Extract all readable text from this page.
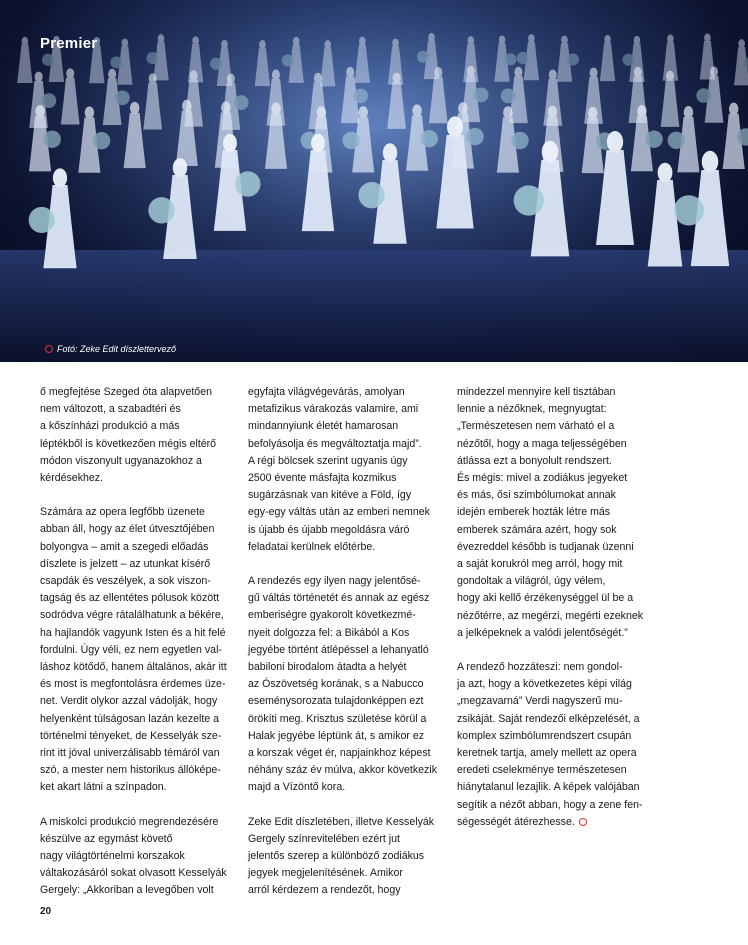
Premier
Fotó: Zeke Edit díszlettervező

ő megfejtése Szeged óta alapvetően
nem változott, a szabadtéri és
a kőszínházi produkció a más
léptékből is következően mégis eltérő
módon viszonyult ugyanazokhoz a
kérdésekhez.

Számára az opera legfőbb üzenete
abban áll, hogy az élet útvesztőjében
bolyongva – amit a szegedi előadás
díszlete is jelzett – az utunkat kísérő
csapdák és veszélyek, a sok viszon-
tagság és az ellentétes pólusok között
sodródva végre rátalálhatunk a békére,
ha hajlandók vagyunk Isten és a hit felé
fordulni. Úgy véli, ez nem egyetlen val-
láshoz kötődő, hanem általános, akár itt
és most is megfontolásra érdemes üze-
net. Verdit olykor azzal vádolják, hogy
helyenként túlságosan lazán kezelte a
történelmi tényeket, de Kesselyák sze-
rint itt jóval univerzálisabb témáról van
szó, a mester nem historikus állóképe-
ket akart látni a színpadon.

A miskolci produkció megrendezésére
készülve az egymást követő
nagy világtörténelmi korszakok
váltakozásáról sokat olvasott Kesselyák
Gergely: „Akkoriban a levegőben volt

egyfajta világvégevárás, amolyan
metafizikus várakozás valamire, ami
mindannyiunk életét hamarosan
befolyásolja és megváltoztatja majd”.
A régi bölcsek szerint ugyanis úgy
2500 évente másfajta kozmikus
sugárzásnak van kitéve a Föld, így
egy-egy váltás után az emberi nemnek
is újabb és újabb megoldásra váró
feladatai kerülnek előtérbe.

A rendezés egy ilyen nagy jelentősé-
gű váltás történetét és annak az egész
emberiségre gyakorolt következmé-
nyeit dolgozza fel: a Bikából a Kos
jegyébe történt átlépéssel a lehanyatló
babiloni birodalom átadta a helyét
az Ószövetség korának, s a Nabucco
eseménysorozata tulajdonképpen ezt
örökíti meg. Krisztus születése körül a
Halak jegyébe léptünk át, s amikor ez
a korszak véget ér, napjainkhoz képest
néhány száz év múlva, akkor következik
majd a Vízöntő kora.

Zeke Edit díszletében, illetve Kesselyák
Gergely színrevitelében ezért jut
jelentős szerep a különböző zodiákus
jegyek megjelenítésének. Amikor
arról kérdezem a rendezőt, hogy

mindezzel mennyire kell tisztában
lennie a nézőknek, megnyugtat:
„Természetesen nem várható el a
nézőtől, hogy a maga teljességében
átlássa ezt a bonyolult rendszert.
És mégis: mivel a zodiákus jegyeket
és más, ősi szimbólumokat annak
idején emberek hozták létre más
emberek számára azért, hogy sok
évezreddel később is tudjanak üzenni
a saját korukról meg arról, hogy mit
gondoltak a világról, úgy vélem,
hogy aki kellő érzékenységgel ül be a
nézőtérre, az megérzi, megérti ezeknek
a jelképeknek a valódi jelentőségét.”

A rendező hozzáteszi: nem gondol-
ja azt, hogy a következetes képi világ
„megzavarná” Verdi nagyszerű mu-
zsikáját. Saját rendezői elképzelését, a
komplex szimbólumrendszert csupán
keretnek tartja, amely mellett az opera
eredeti cselekménye természetesen
hiánytalanul lezajlik. A képek valójában
segítik a nézőt abban, hogy a zene fen-
ségességét átérezhesse.

20
